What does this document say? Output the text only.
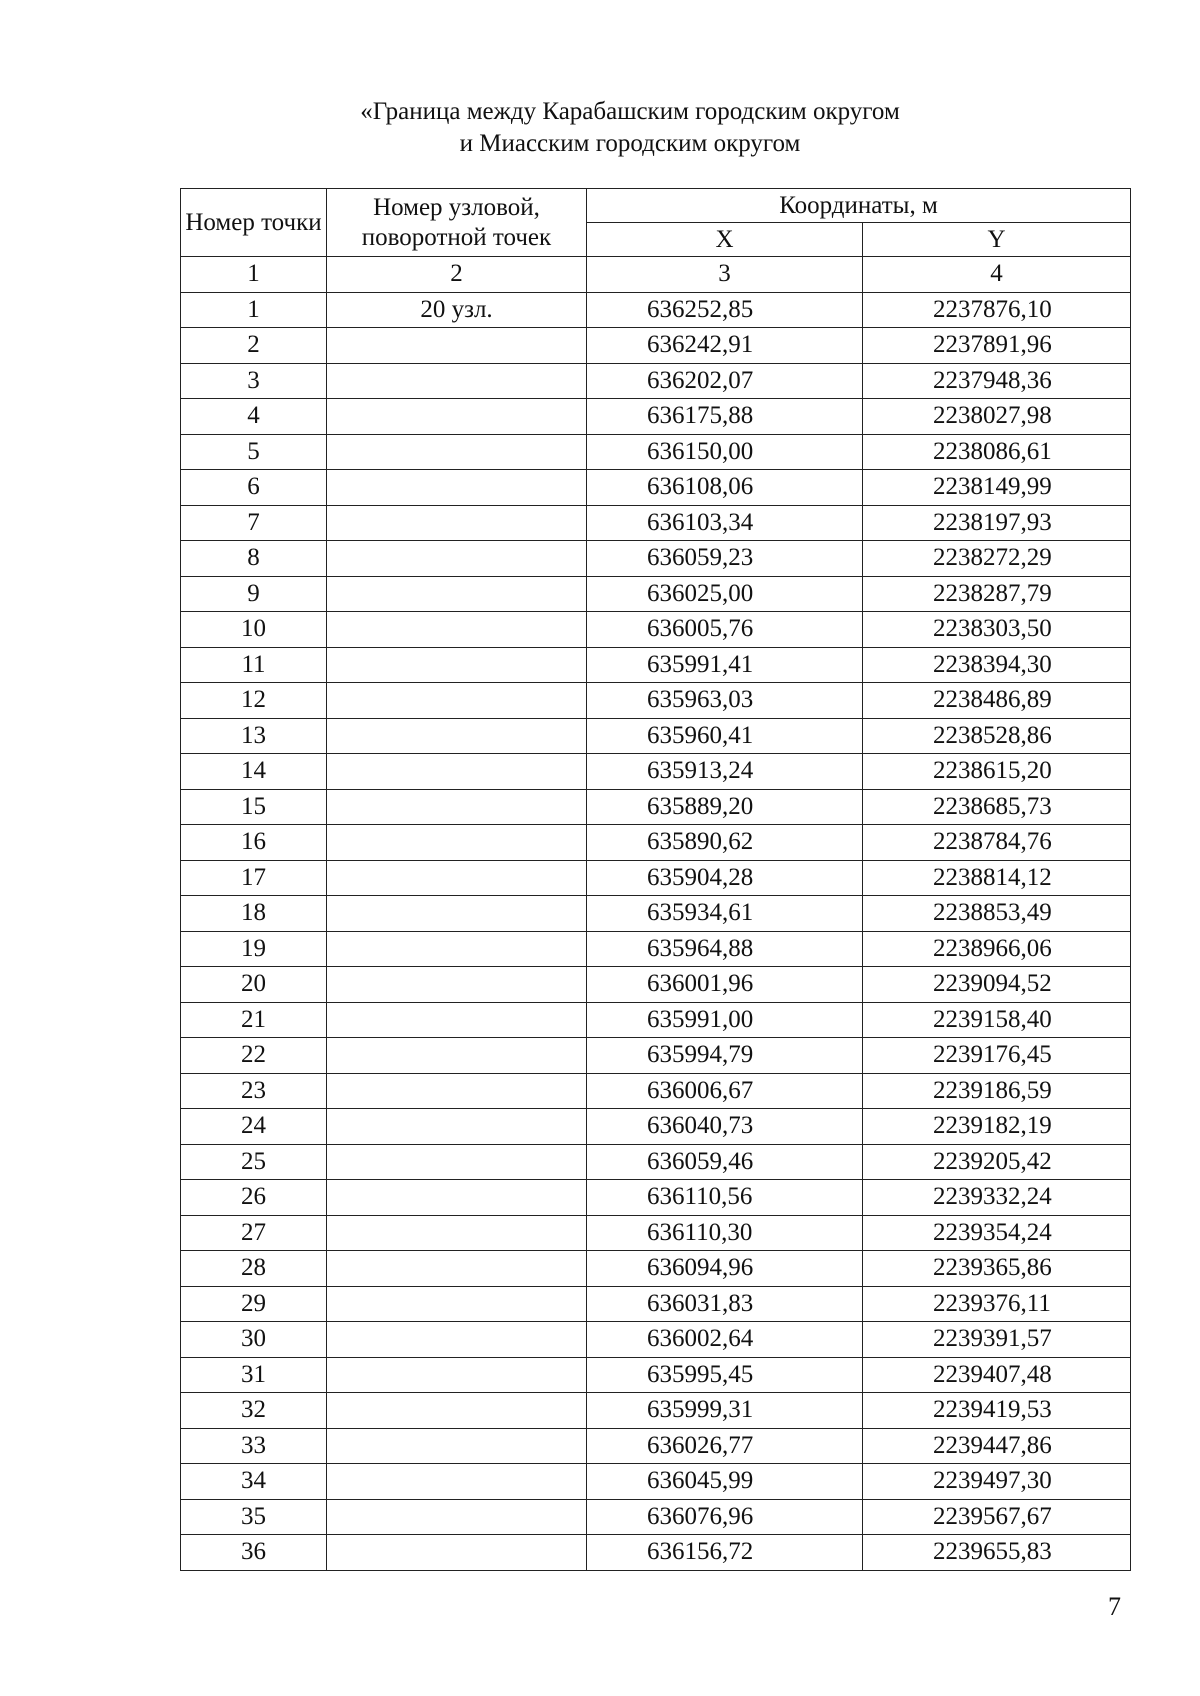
«Граница между Карабашским городским округом
и Миасским городским округом
Номер точки	Номер узловой, поворотной точек	Координаты, м	
		X	Y
1	2	3	4
1	20 узл.	636252,85	2237876,10
2		636242,91	2237891,96
3		636202,07	2237948,36
4		636175,88	2238027,98
5		636150,00	2238086,61
6		636108,06	2238149,99
7		636103,34	2238197,93
8		636059,23	2238272,29
9		636025,00	2238287,79
10		636005,76	2238303,50
11		635991,41	2238394,30
12		635963,03	2238486,89
13		635960,41	2238528,86
14		635913,24	2238615,20
15		635889,20	2238685,73
16		635890,62	2238784,76
17		635904,28	2238814,12
18		635934,61	2238853,49
19		635964,88	2238966,06
20		636001,96	2239094,52
21		635991,00	2239158,40
22		635994,79	2239176,45
23		636006,67	2239186,59
24		636040,73	2239182,19
25		636059,46	2239205,42
26		636110,56	2239332,24
27		636110,30	2239354,24
28		636094,96	2239365,86
29		636031,83	2239376,11
30		636002,64	2239391,57
31		635995,45	2239407,48
32		635999,31	2239419,53
33		636026,77	2239447,86
34		636045,99	2239497,30
35		636076,96	2239567,67
36		636156,72	2239655,83
7
